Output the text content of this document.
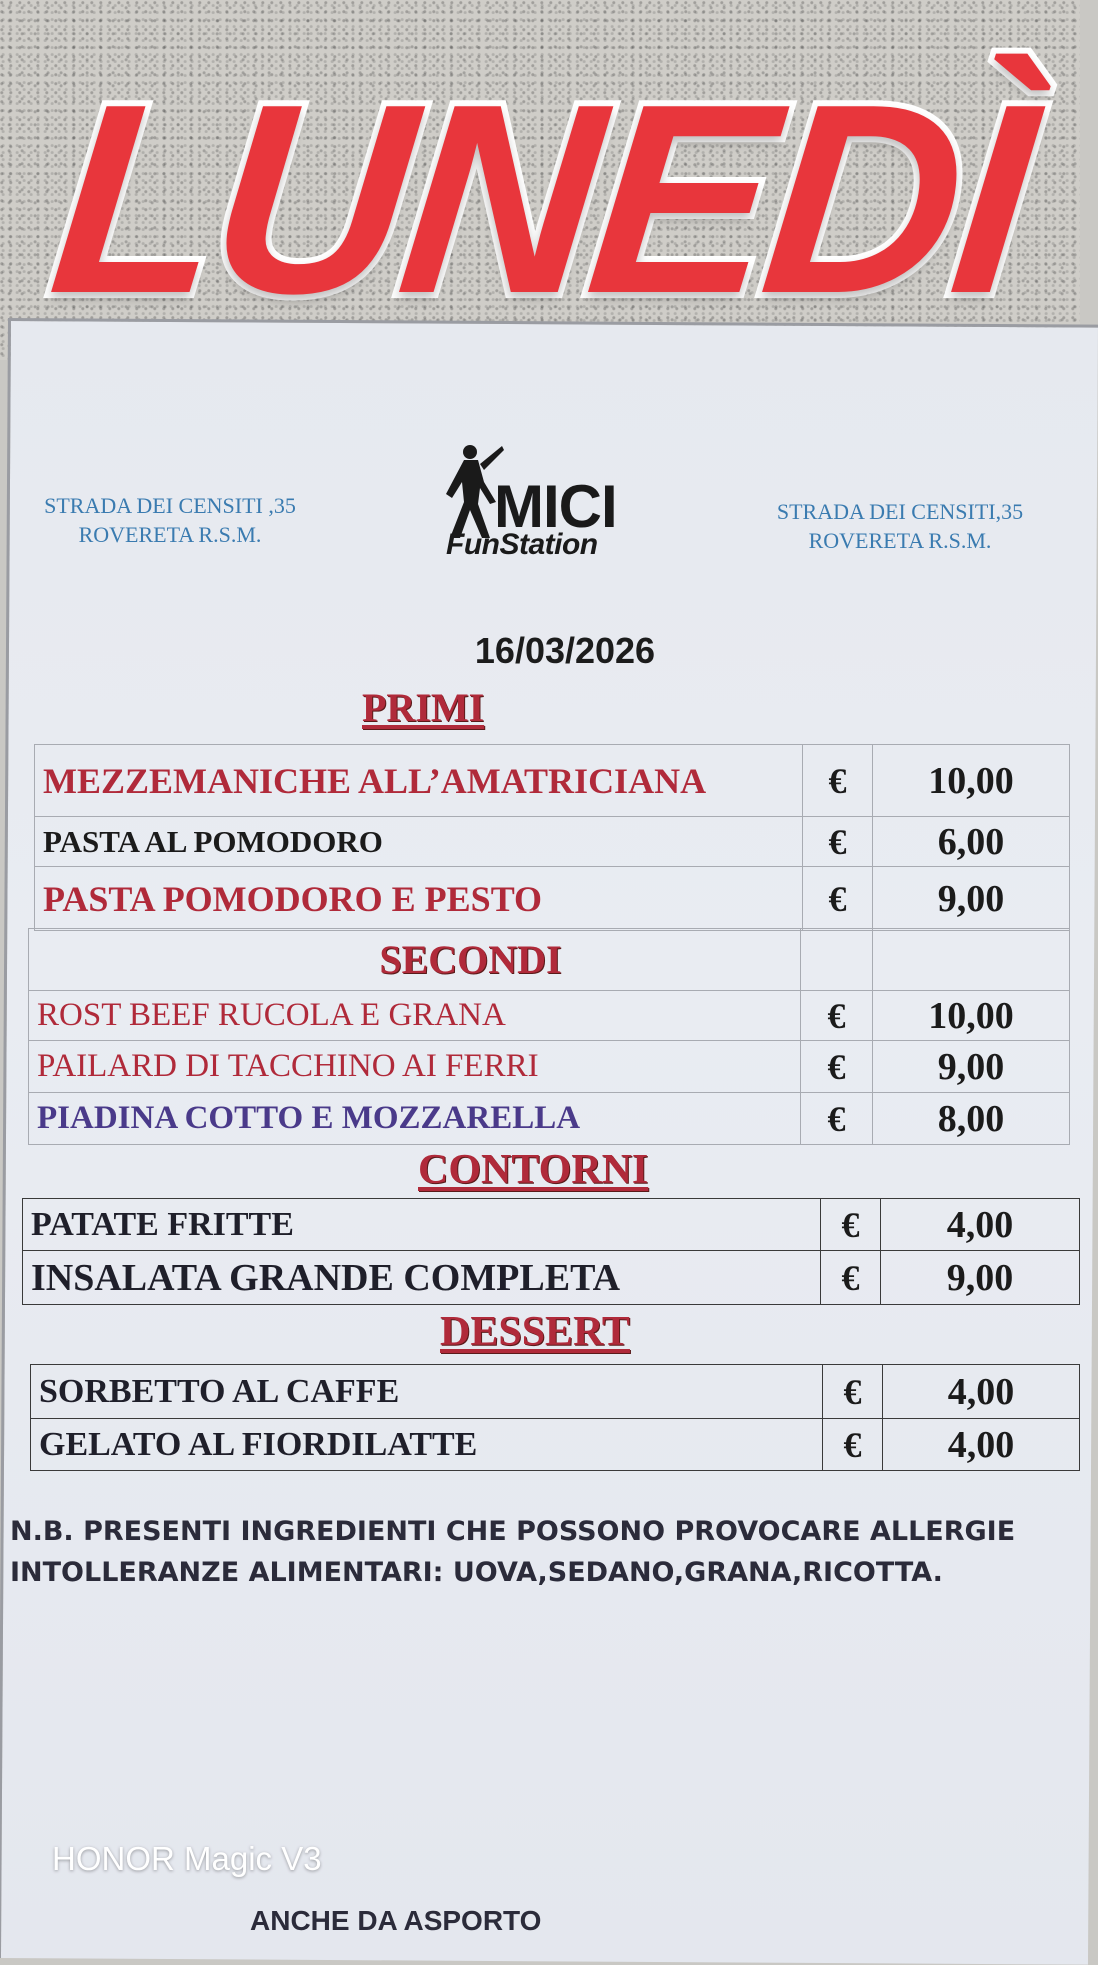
LUNEDÌ
STRADA DEI CENSITI ,35
ROVERETA R.S.M.	MICI
FunStation
STRADA DEI CENSITI,35
ROVERETA R.S.M.
16/03/2026
PRIMI
MEZZEMANICHE ALL’AMATRICIANA	€	10,00
PASTA AL POMODORO	€	6,00
PASTA POMODORO E PESTO	€	9,00
SECONDI		
ROST BEEF RUCOLA E GRANA	€	10,00
PAILARD DI TACCHINO AI FERRI	€	9,00
PIADINA COTTO E MOZZARELLA	€	8,00
CONTORNI
PATATE FRITTE	€	4,00
INSALATA GRANDE COMPLETA	€	9,00
DESSERT
SORBETTO AL CAFFE	€	4,00
GELATO AL FIORDILATTE	€	4,00
N.B. PRESENTI INGREDIENTI CHE POSSONO PROVOCARE ALLERGIE
INTOLLERANZE ALIMENTARI: UOVA,SEDANO,GRANA,RICOTTA.
HONOR Magic V3
ANCHE DA ASPORTO
